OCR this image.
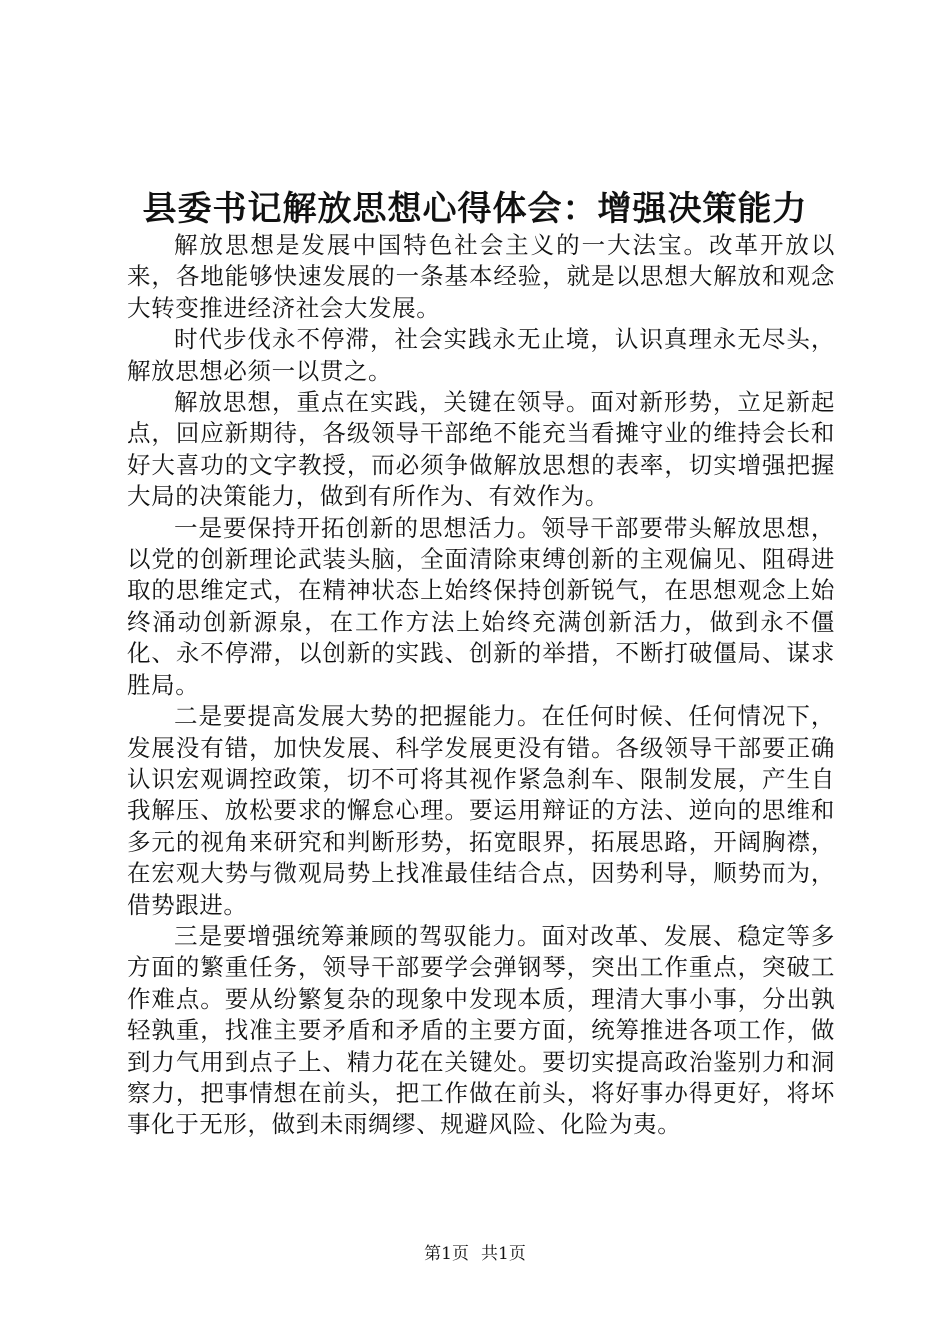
县委书记解放思想心得体会：增强决策能力

解放思想是发展中国特色社会主义的一大法宝。改革开放以来，各地能够快速发展的一条基本经验，就是以思想大解放和观念大转变推进经济社会大发展。

时代步伐永不停滞，社会实践永无止境，认识真理永无尽头，解放思想必须一以贯之。

解放思想，重点在实践，关键在领导。面对新形势，立足新起点，回应新期待，各级领导干部绝不能充当看摊守业的维持会长和好大喜功的文字教授，而必须争做解放思想的表率，切实增强把握大局的决策能力，做到有所作为、有效作为。

一是要保持开拓创新的思想活力。领导干部要带头解放思想，以党的创新理论武装头脑，全面清除束缚创新的主观偏见、阻碍进取的思维定式，在精神状态上始终保持创新锐气，在思想观念上始终涌动创新源泉，在工作方法上始终充满创新活力，做到永不僵化、永不停滞，以创新的实践、创新的举措，不断打破僵局、谋求胜局。

二是要提高发展大势的把握能力。在任何时候、任何情况下，发展没有错，加快发展、科学发展更没有错。各级领导干部要正确认识宏观调控政策，切不可将其视作紧急刹车、限制发展，产生自我解压、放松要求的懈怠心理。要运用辩证的方法、逆向的思维和多元的视角来研究和判断形势，拓宽眼界，拓展思路，开阔胸襟，在宏观大势与微观局势上找准最佳结合点，因势利导，顺势而为，借势跟进。

三是要增强统筹兼顾的驾驭能力。面对改革、发展、稳定等多方面的繁重任务，领导干部要学会弹钢琴，突出工作重点，突破工作难点。要从纷繁复杂的现象中发现本质，理清大事小事，分出孰轻孰重，找准主要矛盾和矛盾的主要方面，统筹推进各项工作，做到力气用到点子上、精力花在关键处。要切实提高政治鉴别力和洞察力，把事情想在前头，把工作做在前头，将好事办得更好，将坏事化于无形，做到未雨绸缪、规避风险、化险为夷。

第1页 共1页
